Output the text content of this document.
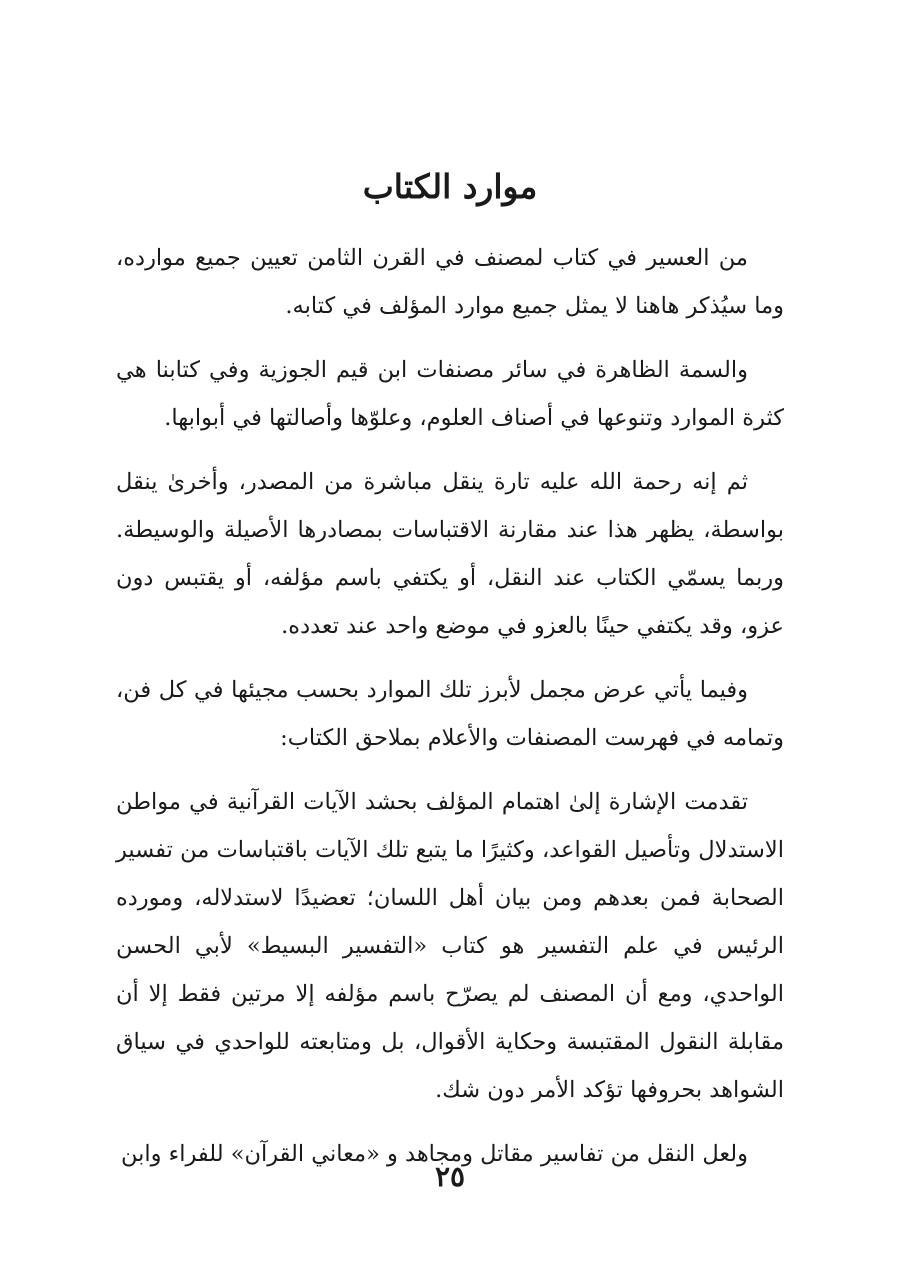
موارد الكتاب

من العسير في كتاب لمصنف في القرن الثامن تعيين جميع موارده، وما سيُذكر هاهنا لا يمثل جميع موارد المؤلف في كتابه.

والسمة الظاهرة في سائر مصنفات ابن قيم الجوزية وفي كتابنا هي كثرة الموارد وتنوعها في أصناف العلوم، وعلوّها وأصالتها في أبوابها.

ثم إنه رحمة الله عليه تارة ينقل مباشرة من المصدر، وأخرىٰ ينقل بواسطة، يظهر هذا عند مقارنة الاقتباسات بمصادرها الأصيلة والوسيطة. وربما يسمّي الكتاب عند النقل، أو يكتفي باسم مؤلفه، أو يقتبس دون عزو، وقد يكتفي حينًا بالعزو في موضع واحد عند تعدده.

وفيما يأتي عرض مجمل لأبرز تلك الموارد بحسب مجيئها في كل فن، وتمامه في فهرست المصنفات والأعلام بملاحق الكتاب:

تقدمت الإشارة إلىٰ اهتمام المؤلف بحشد الآيات القرآنية في مواطن الاستدلال وتأصيل القواعد، وكثيرًا ما يتبع تلك الآيات باقتباسات من تفسير الصحابة فمن بعدهم ومن بيان أهل اللسان؛ تعضيدًا لاستدلاله، ومورده الرئيس في علم التفسير هو كتاب «التفسير البسيط» لأبي الحسن الواحدي، ومع أن المصنف لم يصرّح باسم مؤلفه إلا مرتين فقط إلا أن مقابلة النقول المقتبسة وحكاية الأقوال، بل ومتابعته للواحدي في سياق الشواهد بحروفها تؤكد الأمر دون شك.

ولعل النقل من تفاسير مقاتل ومجاهد و «معاني القرآن» للفراء وابن

٢٥
